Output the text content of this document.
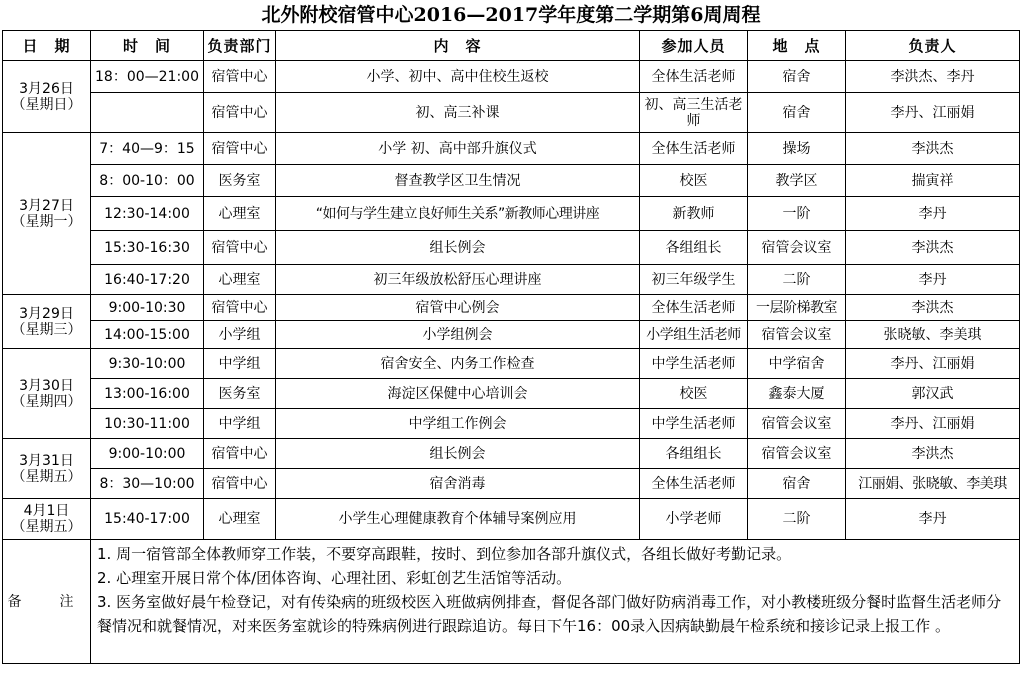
北外附校宿管中心2016—2017学年度第二学期第6周周程
日　期	时　间	负责部门	内　容	参加人员	地　点	负责人
3月26日
（星期日）	18：00—21:00	宿管中心	小学、初中、高中住校生返校	全体生活老师	宿舍	李洪杰、李丹
		宿管中心	初、高三补课	初、高三生活老师	宿舍	李丹、江丽娟
3月27日
（星期一）	7：40—9：15	宿管中心	小学 初、高中部升旗仪式	全体生活老师	操场	李洪杰
	8：00-10：00	医务室	督查教学区卫生情况	校医	教学区	揣寅祥
	12:30-14:00	心理室	“如何与学生建立良好师生关系”新教师心理讲座	新教师	一阶	李丹
	15:30-16:30	宿管中心	组长例会	各组组长	宿管会议室	李洪杰
	16:40-17:20	心理室	初三年级放松舒压心理讲座	初三年级学生	二阶	李丹
3月29日
（星期三）	9:00-10:30	宿管中心	宿管中心例会	全体生活老师	一层阶梯教室	李洪杰
	14:00-15:00	小学组	小学组例会	小学组生活老师	宿管会议室	张晓敏、李美琪
3月30日
（星期四）	9:30-10:00	中学组	宿舍安全、内务工作检查	中学生活老师	中学宿舍	李丹、江丽娟
	13:00-16:00	医务室	海淀区保健中心培训会	校医	鑫泰大厦	郭汉武
	10:30-11:00	中学组	中学组工作例会	中学生活老师	宿管会议室	李丹、江丽娟
3月31日
（星期五）	9:00-10:00	宿管中心	组长例会	各组组长	宿管会议室	李洪杰
	8：30—10:00	宿管中心	宿舍消毒	全体生活老师	宿舍	江丽娟、张晓敏、李美琪
4月1日
（星期五）	15:40-17:00	心理室	小学生心理健康教育个体辅导案例应用	小学老师	二阶	李丹
备　注	1. 周一宿管部全体教师穿工作装，不要穿高跟鞋，按时、到位参加各部升旗仪式，各组长做好考勤记录。
2. 心理室开展日常个体/团体咨询、心理社团、彩虹创艺生活馆等活动。
3. 医务室做好晨午检登记，对有传染病的班级校医入班做病例排查，督促各部门做好防病消毒工作，对小教楼班级分餐时监督生活老师分餐情况和就餐情况，对来医务室就诊的特殊病例进行跟踪追访。每日下午16：00录入因病缺勤晨午检系统和接诊记录上报工作 。					
